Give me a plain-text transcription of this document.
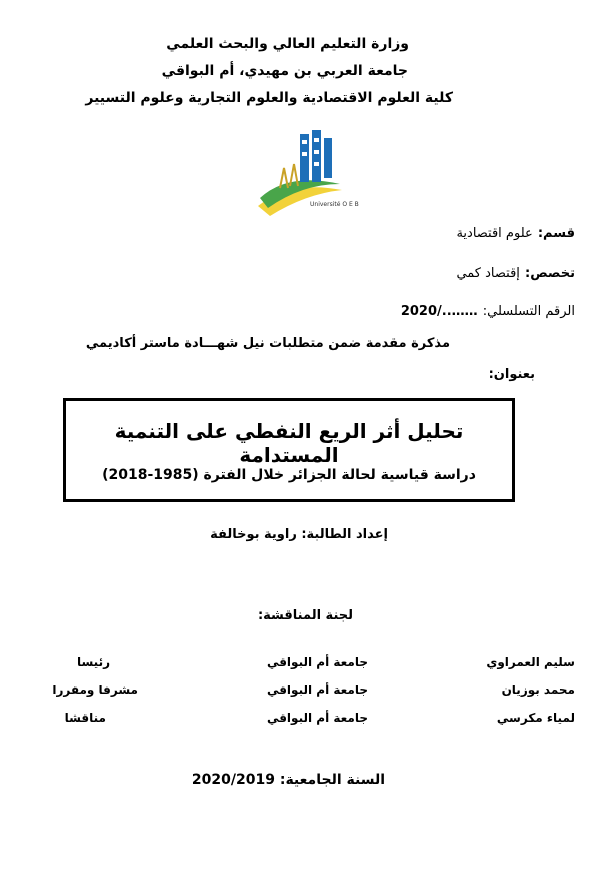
وزارة التعليم العالي والبحث العلمي
جامعة العربي بن مهيدي، أم البواقي
كلية العلوم الاقتصادية والعلوم التجارية وعلوم التسيير
Université O E B
قسم: علوم اقتصادية
تخصص: إقتصاد كمي
الرقم التسلسلي: ……../2020
مذكرة مقدمة ضمن متطلبات نيل شهـــادة ماستر أكاديمي
بعنوان:
تحليل أثر الريع النفطي على التنمية المستدامة
دراسة قياسية لحالة الجزائر خلال الفترة (1985-2018)
إعداد الطالبة: راوية بوخالفة
لجنة المناقشة:
سليم العمراوي
جامعة أم البواقي
رئيسا
محمد بوزيان
جامعة أم البواقي
مشرفا ومقررا
لمياء مكرسي
جامعة أم البواقي
مناقشا
السنة الجامعية: 2020/2019
